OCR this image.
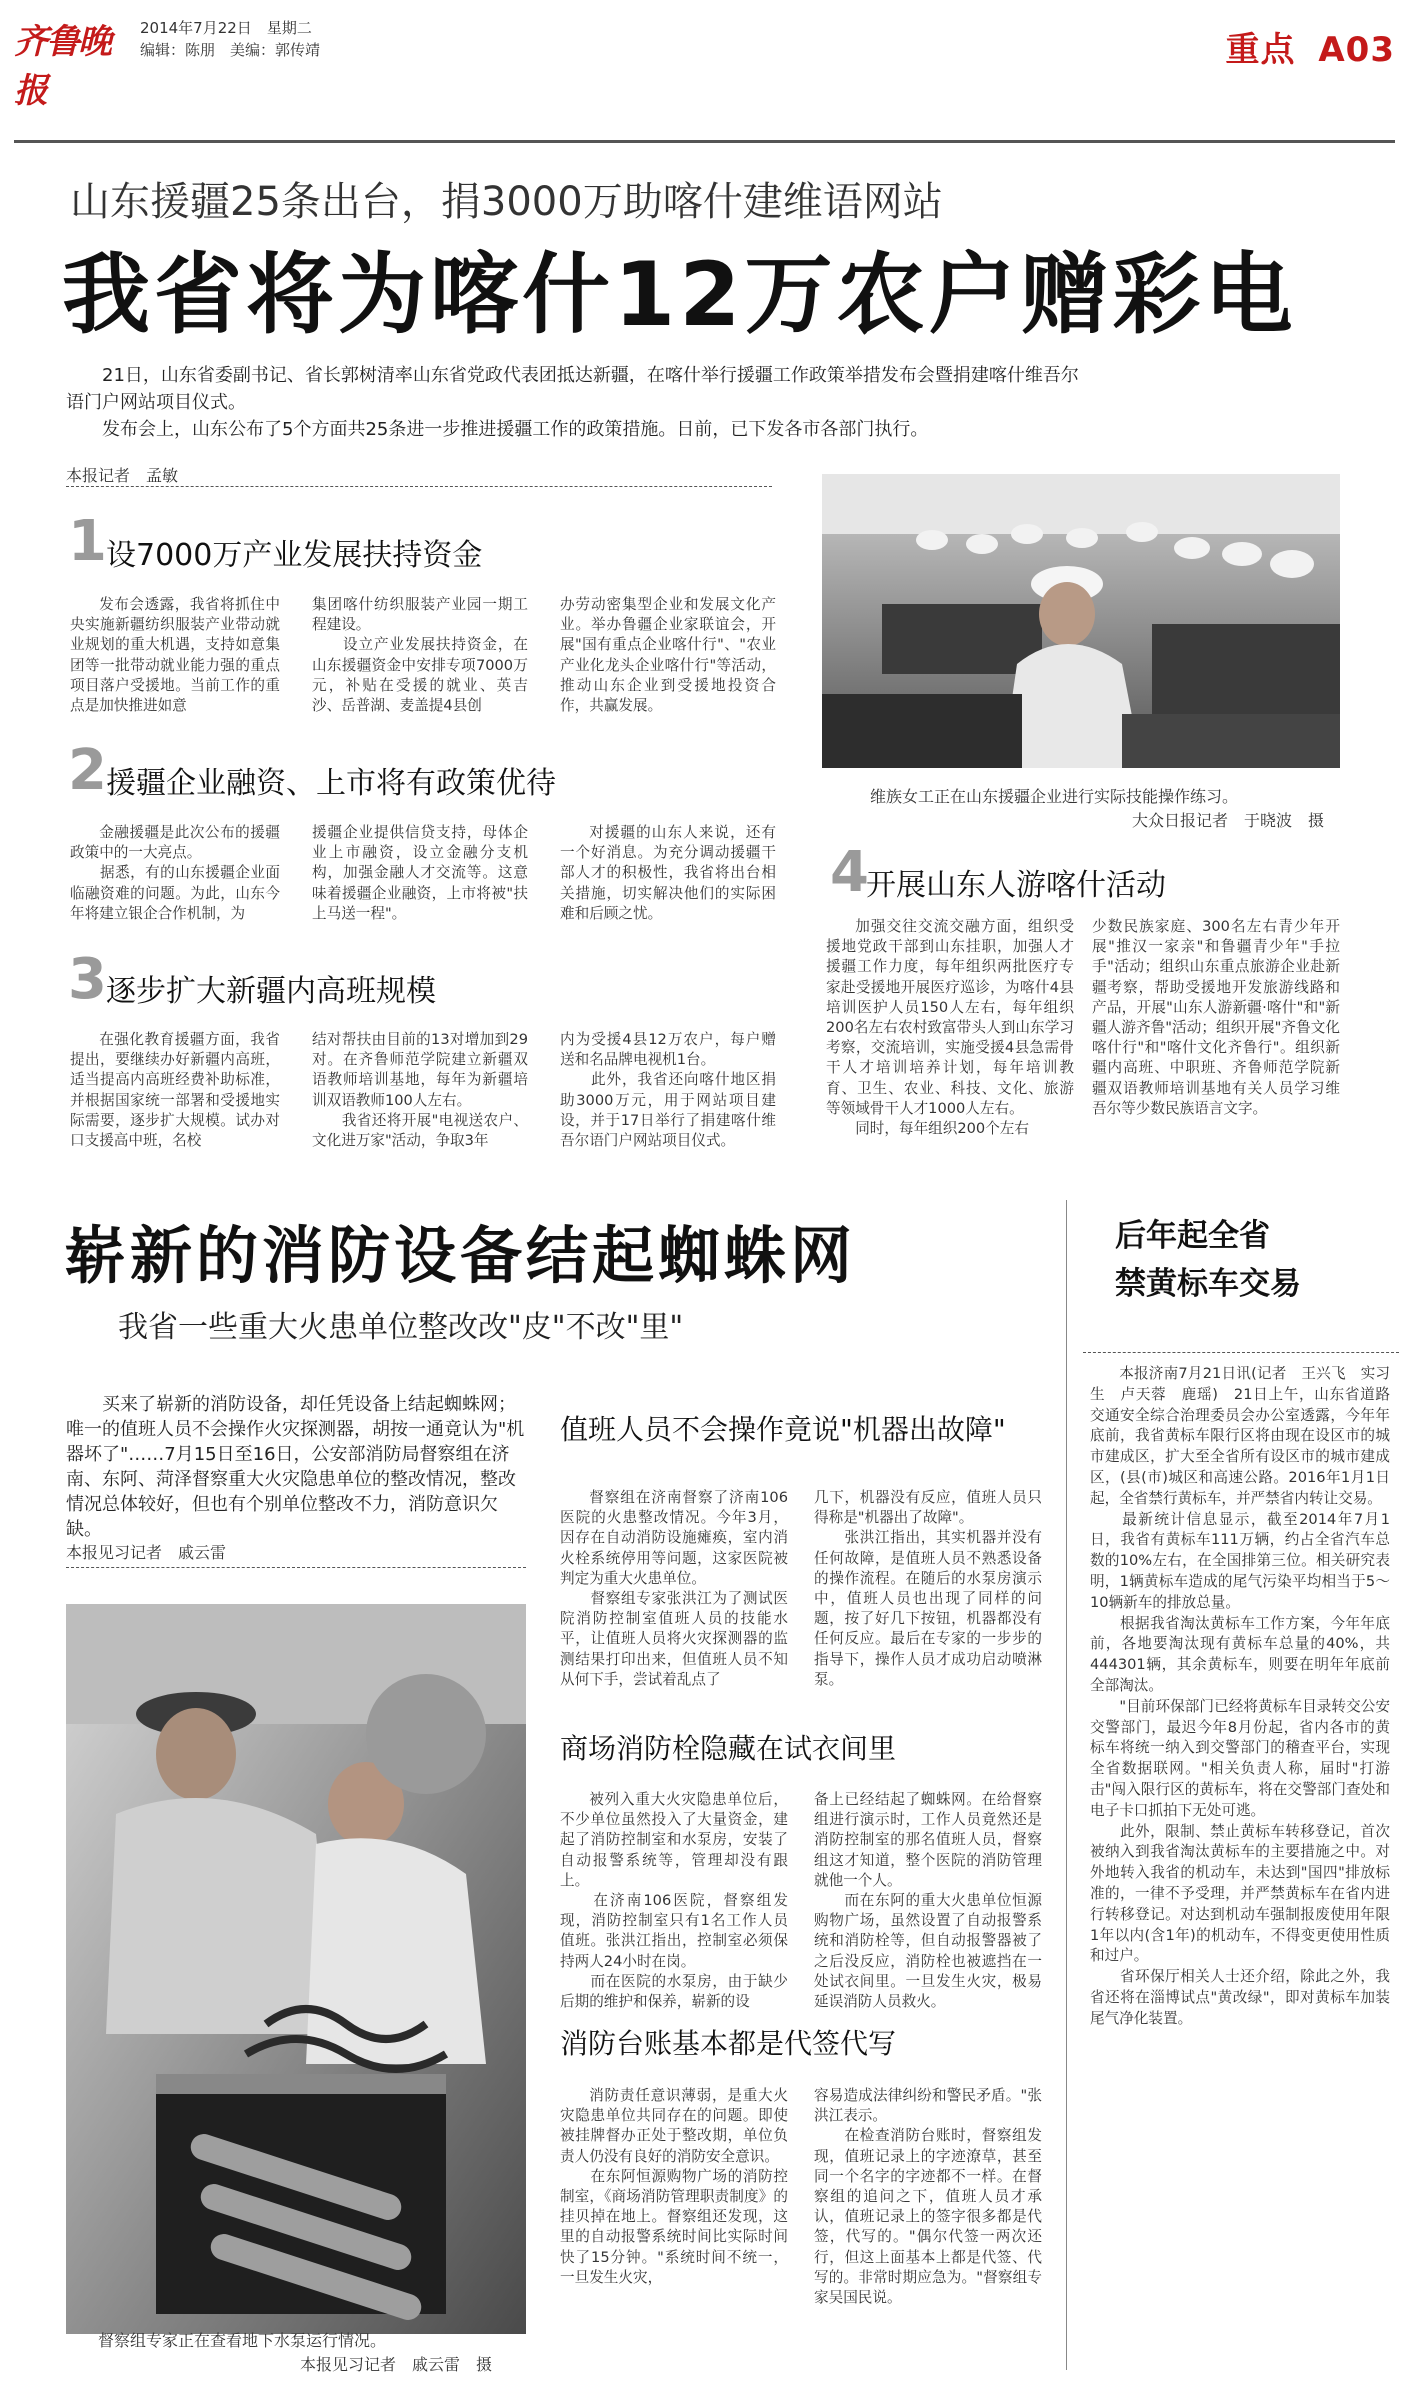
齐鲁晚报
2014年7月22日　 星期二
编辑：陈朋　美编：郭传靖	重点 A03
山东援疆25条出台，捐3000万助喀什建维语网站
我省将为喀什12万农户赠彩电
21日，山东省委副书记、省长郭树清率山东省党政代表团抵达新疆，在喀什举行援疆工作政策举措发布会暨捐建喀什维吾尔语门户网站项目仪式。
发布会上，山东公布了5个方面共25条进一步推进援疆工作的政策措施。日前，已下发各市各部门执行。
本报记者　孟敏
1 设7000万产业发展扶持资金
发布会透露，我省将抓住中央实施新疆纺织服装产业带动就业规划的重大机遇，支持如意集团等一批带动就业能力强的重点项目落户受援地。当前工作的重点是加快推进如意
集团喀什纺织服装产业园一期工程建设。
　　设立产业发展扶持资金，在山东援疆资金中安排专项7000万元，补贴在受援的就业、英吉沙、岳普湖、麦盖提4县创
办劳动密集型企业和发展文化产业。举办鲁疆企业家联谊会，开展"国有重点企业喀什行"、"农业产业化龙头企业喀什行"等活动，推动山东企业到受援地投资合作，共赢发展。
2 援疆企业融资、上市将有政策优待
金融援疆是此次公布的援疆政策中的一大亮点。
　　据悉，有的山东援疆企业面临融资难的问题。为此，山东今年将建立银企合作机制，为
援疆企业提供信贷支持，母体企业上市融资，设立金融分支机构，加强金融人才交流等。这意味着援疆企业融资，上市将被"扶上马送一程"。
对援疆的山东人来说，还有一个好消息。为充分调动援疆干部人才的积极性，我省将出台相关措施，切实解决他们的实际困难和后顾之忧。
3 逐步扩大新疆内高班规模
在强化教育援疆方面，我省提出，要继续办好新疆内高班，适当提高内高班经费补助标准，并根据国家统一部署和受援地实际需要，逐步扩大规模。试办对口支援高中班，名校
结对帮扶由目前的13对增加到29对。在齐鲁师范学院建立新疆双语教师培训基地，每年为新疆培训双语教师100人左右。
　　我省还将开展"电视送农户、文化进万家"活动，争取3年
内为受援4县12万农户，每户赠送和名品牌电视机1台。
　　此外，我省还向喀什地区捐助3000万元，用于网站项目建设，并于17日举行了捐建喀什维吾尔语门户网站项目仪式。
维族女工正在山东援疆企业进行实际技能操作练习。
大众日报记者　于晓波　摄
4
开展山东人游喀什活动
加强交往交流交融方面，组织受援地党政干部到山东挂职，加强人才援疆工作力度，每年组织两批医疗专家赴受援地开展医疗巡诊，为喀什4县培训医护人员150人左右，每年组织200名左右农村致富带头人到山东学习考察，交流培训，实施受援4县急需骨干人才培训培养计划，每年培训教育、卫生、农业、科技、文化、旅游等领域骨干人才1000人左右。
　　同时，每年组织200个左右
少数民族家庭、300名左右青少年开展"推汉一家亲"和鲁疆青少年"手拉手"活动；组织山东重点旅游企业赴新疆考察，帮助受援地开发旅游线路和产品，开展"山东人游新疆·喀什"和"新疆人游齐鲁"活动；组织开展"齐鲁文化喀什行"和"喀什文化齐鲁行"。组织新疆内高班、中职班、齐鲁师范学院新疆双语教师培训基地有关人员学习维吾尔等少数民族语言文字。
崭新的消防设备结起蜘蛛网
我省一些重大火患单位整改改"皮"不改"里"
买来了崭新的消防设备，却任凭设备上结起蜘蛛网；唯一的值班人员不会操作火灾探测器，胡按一通竟认为"机器坏了"……7月15日至16日，公安部消防局督察组在济南、东阿、菏泽督察重大火灾隐患单位的整改情况，整改情况总体较好，但也有个别单位整改不力，消防意识欠缺。
本报见习记者　戚云雷
督察组专家正在查看地下水泵运行情况。
本报见习记者　戚云雷　摄
值班人员不会操作竟说"机器出故障"
督察组在济南督察了济南106医院的火患整改情况。今年3月，因存在自动消防设施瘫痪，室内消火栓系统停用等问题，这家医院被判定为重大火患单位。
　　督察组专家张洪江为了测试医院消防控制室值班人员的技能水平，让值班人员将火灾探测器的监测结果打印出来，但值班人员不知从何下手，尝试着乱点了
几下，机器没有反应，值班人员只得称是"机器出了故障"。
　　张洪江指出，其实机器并没有任何故障，是值班人员不熟悉设备的操作流程。在随后的水泵房演示中，值班人员也出现了同样的问题，按了好几下按钮，机器都没有任何反应。最后在专家的一步步的指导下，操作人员才成功启动喷淋泵。
商场消防栓隐藏在试衣间里
被列入重大火灾隐患单位后，不少单位虽然投入了大量资金，建起了消防控制室和水泵房，安装了自动报警系统等，管理却没有跟上。
　　在济南106医院，督察组发现，消防控制室只有1名工作人员值班。张洪江指出，控制室必须保持两人24小时在岗。
　　而在医院的水泵房，由于缺少后期的维护和保养，崭新的设
备上已经结起了蜘蛛网。在给督察组进行演示时，工作人员竟然还是消防控制室的那名值班人员，督察组这才知道，整个医院的消防管理就他一个人。
　　而在东阿的重大火患单位恒源购物广场，虽然设置了自动报警系统和消防栓等，但自动报警器被了之后没反应，消防栓也被遮挡在一处试衣间里。一旦发生火灾，极易延误消防人员救火。
消防台账基本都是代签代写
消防责任意识薄弱，是重大火灾隐患单位共同存在的问题。即使被挂牌督办正处于整改期，单位负责人仍没有良好的消防安全意识。
　　在东阿恒源购物广场的消防控制室，《商场消防管理职责制度》的挂贝掉在地上。督察组还发现，这里的自动报警系统时间比实际时间快了15分钟。"系统时间不统一，一旦发生火灾，
容易造成法律纠纷和警民矛盾。"张洪江表示。
　　在检查消防台账时，督察组发现，值班记录上的字迹潦草，甚至同一个名字的字迹都不一样。在督察组的追问之下，值班人员才承认，值班记录上的签字很多都是代签，代写的。"偶尔代签一两次还行，但这上面基本上都是代签、代写的。非常时期应急为。"督察组专家吴国民说。
后年起全省
禁黄标车交易
本报济南7月21日讯(记者　王兴飞　实习生　卢天蓉　鹿瑶)　21日上午，山东省道路交通安全综合治理委员会办公室透露，今年年底前，我省黄标车限行区将由现在设区市的城市建成区，扩大至全省所有设区市的城市建成区，(县(市)城区和高速公路。2016年1月1日起，全省禁行黄标车，并严禁省内转让交易。
　　最新统计信息显示，截至2014年7月1日，我省有黄标车111万辆，约占全省汽车总数的10%左右，在全国排第三位。相关研究表明，1辆黄标车造成的尾气污染平均相当于5～10辆新车的排放总量。
　　根据我省淘汰黄标车工作方案，今年年底前，各地要淘汰现有黄标车总量的40%，共444301辆，其余黄标车，则要在明年年底前全部淘汰。
　　"目前环保部门已经将黄标车目录转交公安交警部门，最迟今年8月份起，省内各市的黄标车将统一纳入到交警部门的稽查平台，实现全省数据联网。"相关负责人称，届时"打游击"闯入限行区的黄标车，将在交警部门查处和电子卡口抓拍下无处可逃。
　　此外，限制、禁止黄标车转移登记，首次被纳入到我省淘汰黄标车的主要措施之中。对外地转入我省的机动车，未达到"国四"排放标准的，一律不予受理，并严禁黄标车在省内进行转移登记。对达到机动车强制报废使用年限1年以内(含1年)的机动车，不得变更使用性质和过户。
　　省环保厅相关人士还介绍，除此之外，我省还将在淄博试点"黄改绿"，即对黄标车加装尾气净化装置。
